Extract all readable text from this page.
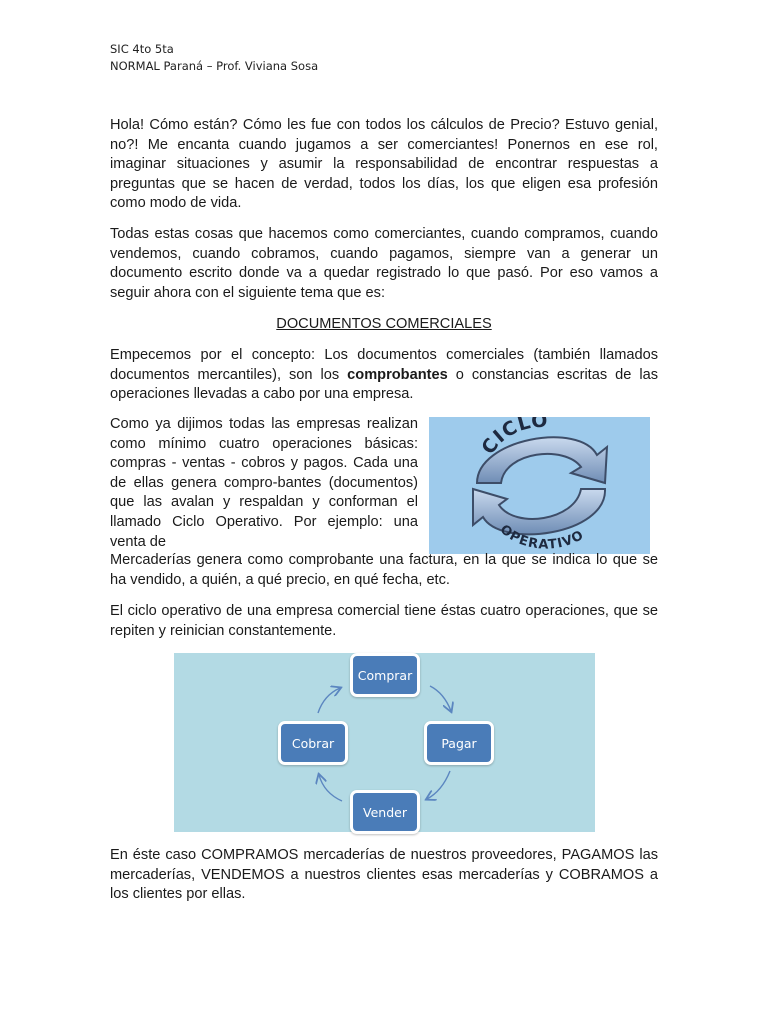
SIC 4to 5ta
NORMAL Paraná – Prof. Viviana Sosa

Hola! Cómo están? Cómo les fue con todos los cálculos de Precio? Estuvo genial, no?! Me encanta cuando jugamos a ser comerciantes! Ponernos en ese rol, imaginar situaciones y asumir la responsabilidad de encontrar respuestas a preguntas que se hacen de verdad, todos los días, los que eligen esa profesión como modo de vida.

Todas estas cosas que hacemos como comerciantes, cuando compramos, cuando vendemos, cuando cobramos, cuando pagamos, siempre van a generar un documento escrito donde va a quedar registrado lo que pasó. Por eso vamos a seguir ahora con el siguiente tema que es:

DOCUMENTOS COMERCIALES

Empecemos por el concepto: Los documentos comerciales (también llamados documentos mercantiles), son los comprobantes o constancias escritas de las operaciones llevadas a cabo por una empresa.

Como ya dijimos todas las empresas realizan como mínimo cuatro operaciones básicas: compras - ventas - cobros y pagos. Cada una de ellas genera compro-bantes (documentos) que las avalan y respaldan y conforman el llamado Ciclo Operativo. Por ejemplo: una venta de

CICLO
OPERATIVO

Mercaderías genera como comprobante una factura, en la que se indica lo que se ha vendido, a quién, a qué precio, en qué fecha, etc.

El ciclo operativo de una empresa comercial tiene éstas cuatro operaciones, que se repiten y reinician constantemente.

Comprar
Pagar
Vender
Cobrar

En éste caso COMPRAMOS mercaderías de nuestros proveedores, PAGAMOS las mercaderías, VENDEMOS a nuestros clientes esas mercaderías y COBRAMOS a los clientes por ellas.
